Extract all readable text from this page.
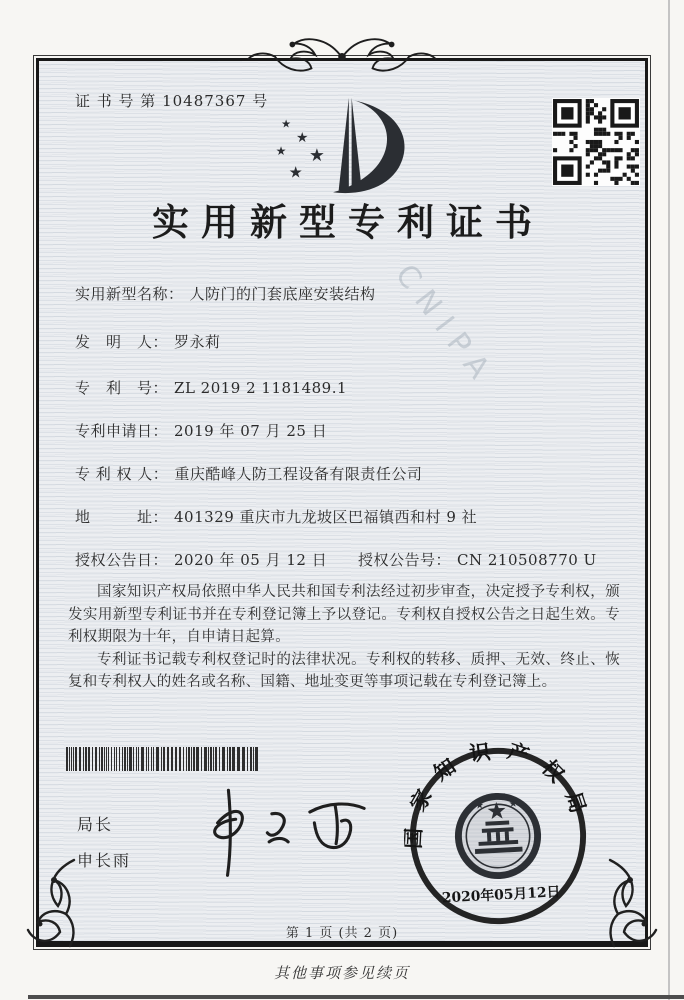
CNIPA
证 书 号 第 10487367 号
★
★
★ ★
★
实用新型专利证书
实用新型名称： 人防门的门套底座安装结构
发　明　人： 罗永莉
专　利　号： ZL 2019 2 1181489.1
专利申请日： 2019 年 07 月 25 日
专 利 权 人： 重庆酷峰人防工程设备有限责任公司
地　　　址： 401329 重庆市九龙坡区巴福镇西和村 9 社
授权公告日： 2020 年 05 月 12 日 授权公告号： CN 210508770 U

国家知识产权局依照中华人民共和国专利法经过初步审查，决定授予专利权，颁发实用新型专利证书并在专利登记簿上予以登记。专利权自授权公告之日起生效。专利权期限为十年，自申请日起算。

专利证书记载专利权登记时的法律状况。专利权的转移、质押、无效、终止、恢复和专利权人的姓名或名称、国籍、地址变更等事项记载在专利登记簿上。

局长
申长雨
国家知识产权局
2020年05月12日
第 1 页 (共 2 页)
其他事项参见续页
